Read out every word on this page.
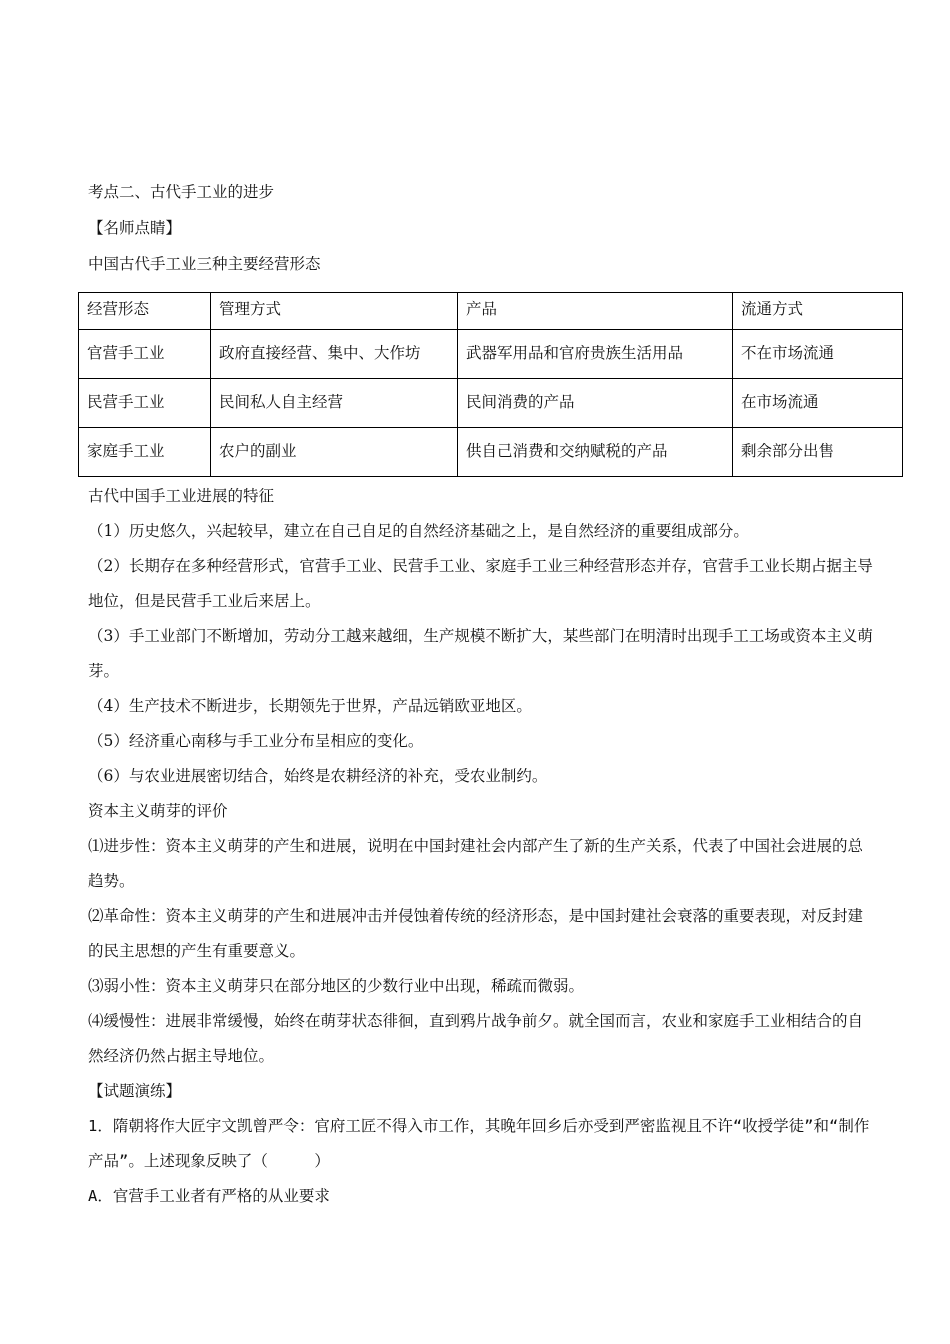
考点二、古代手工业的进步
【名师点睛】
中国古代手工业三种主要经营形态
经营形态	管理方式	产品	流通方式
官营手工业	政府直接经营、集中、大作坊	武器军用品和官府贵族生活用品	不在市场流通
民营手工业	民间私人自主经营	民间消费的产品	在市场流通
家庭手工业	农户的副业	供自己消费和交纳赋税的产品	剩余部分出售
古代中国手工业进展的特征
（1）历史悠久，兴起较早，建立在自己自足的自然经济基础之上，是自然经济的重要组成部分。
（2）长期存在多种经营形式，官营手工业、民营手工业、家庭手工业三种经营形态并存，官营手工业长期占据主导地位，但是民营手工业后来居上。
（3）手工业部门不断增加，劳动分工越来越细，生产规模不断扩大，某些部门在明清时出现手工工场或资本主义萌芽。
（4）生产技术不断进步，长期领先于世界，产品远销欧亚地区。
（5）经济重心南移与手工业分布呈相应的变化。
（6）与农业进展密切结合，始终是农耕经济的补充，受农业制约。
资本主义萌芽的评价
⑴进步性：资本主义萌芽的产生和进展，说明在中国封建社会内部产生了新的生产关系，代表了中国社会进展的总趋势。
⑵革命性：资本主义萌芽的产生和进展冲击并侵蚀着传统的经济形态，是中国封建社会衰落的重要表现，对反封建的民主思想的产生有重要意义。
⑶弱小性：资本主义萌芽只在部分地区的少数行业中出现，稀疏而微弱。
⑷缓慢性：进展非常缓慢，始终在萌芽状态徘徊，直到鸦片战争前夕。就全国而言，农业和家庭手工业相结合的自然经济仍然占据主导地位。
【试题演练】
1．隋朝将作大匠宇文凯曾严令：官府工匠不得入市工作，其晚年回乡后亦受到严密监视且不许“收授学徒”和“制作产品”。上述现象反映了（　　　）
A．官营手工业者有严格的从业要求
